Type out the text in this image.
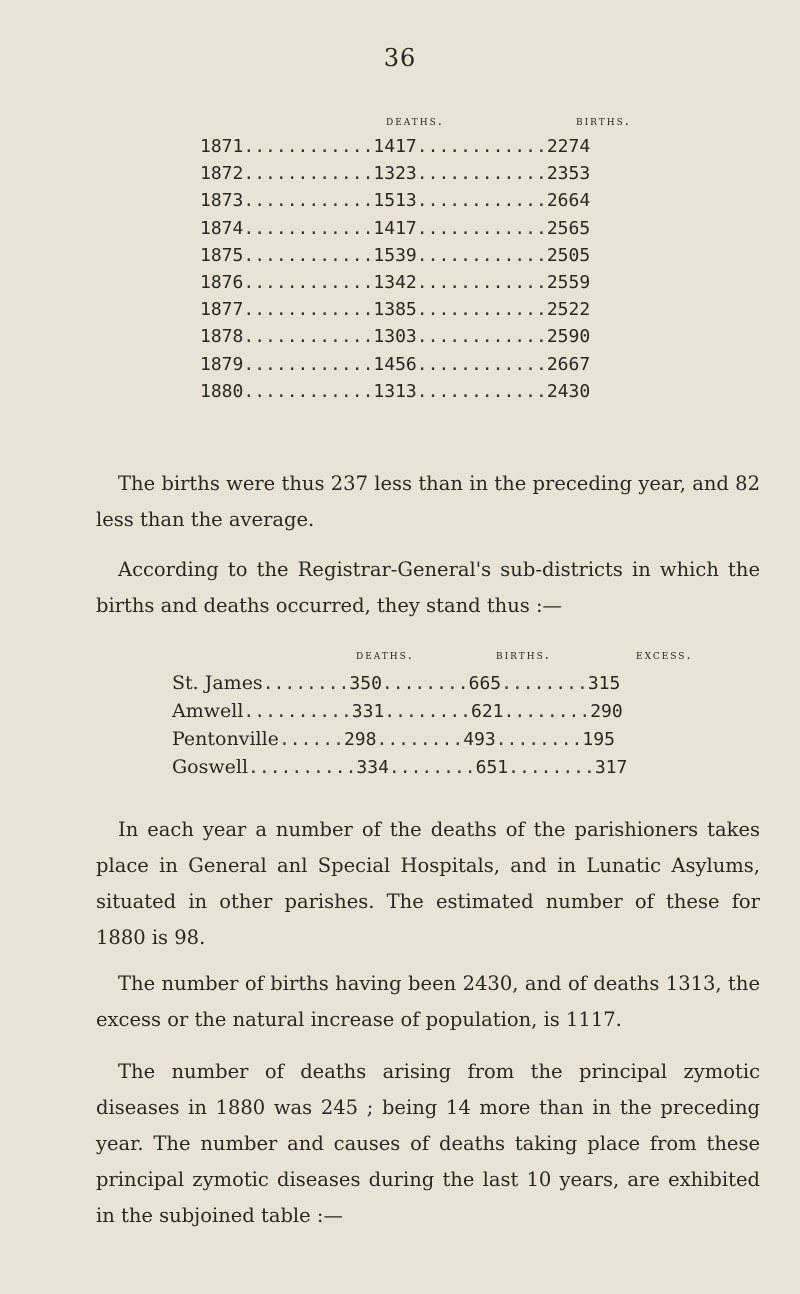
36
deaths.	births.
1871............1417............2274
1872............1323............2353
1873............1513............2664
1874............1417............2565
1875............1539............2505
1876............1342............2559
1877............1385............2522
1878............1303............2590
1879............1456............2667
1880............1313............2430
The births were thus 237 less than in the preceding year, and 82 less than the average.
According to the Registrar-General's sub-districts in which the births and deaths occurred, they stand thus :—
deaths.	births.	excess.
St. James........350........665........315
Amwell..........331........621........290
Pentonville......298........493........195
Goswell..........334........651........317
In each year a number of the deaths of the parishioners takes place in General anl Special Hospitals, and in Lunatic Asylums, situated in other parishes. The estimated number of these for 1880 is 98.
The number of births having been 2430, and of deaths 1313, the excess or the natural increase of population, is 1117.
The number of deaths arising from the principal zymotic diseases in 1880 was 245 ; being 14 more than in the preceding year. The number and causes of deaths taking place from these principal zymotic diseases during the last 10 years, are exhibited in the subjoined table :—
